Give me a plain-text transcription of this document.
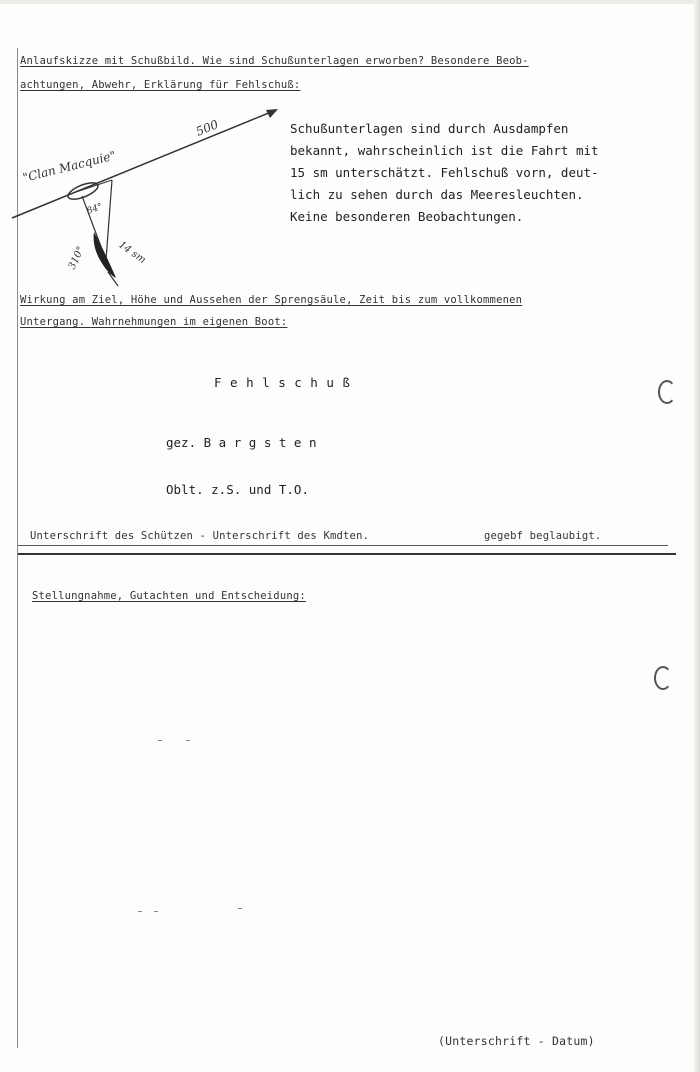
Anlaufskizze mit Schußbild. Wie sind Schußunterlagen erworben? Besondere Beob-
achtungen, Abwehr, Erklärung für Fehlschuß:
"Clan Macquie"
500
84°
14 sm
310°
Schußunterlagen sind durch Ausdampfen
bekannt, wahrscheinlich ist die Fahrt mit
15 sm unterschätzt. Fehlschuß vorn, deut-
lich zu sehen durch das Meeresleuchten.
Keine besonderen Beobachtungen.
Wirkung am Ziel, Höhe und Aussehen der Sprengsäule, Zeit bis zum vollkommenen
Untergang. Wahrnehmungen im eigenen Boot:
F e h l s c h u ß
gez. B a r g s t e n
Oblt. z.S. und T.O.
Unterschrift des Schützen - Unterschrift des Kmdten.	gegebf beglaubigt.
Stellungnahme, Gutachten und Entscheidung:
(Unterschrift - Datum)
